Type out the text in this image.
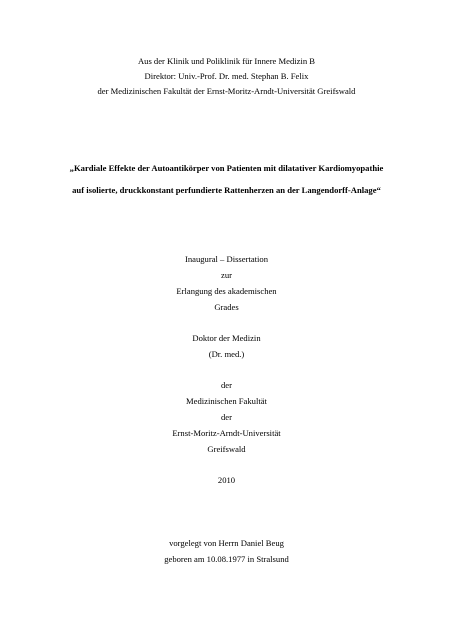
Aus der Klinik und Poliklinik für Innere Medizin B
Direktor: Univ.-Prof. Dr. med. Stephan B. Felix
der Medizinischen Fakultät der Ernst-Moritz-Arndt-Universität Greifswald
„Kardiale Effekte der Autoantikörper von Patienten mit dilatativer Kardiomyopathie
auf isolierte, druckkonstant perfundierte Rattenherzen an der Langendorff-Anlage“
Inaugural – Dissertation
zur
Erlangung des akademischen
Grades
Doktor der Medizin
(Dr. med.)
der
Medizinischen Fakultät
der
Ernst-Moritz-Arndt-Universität
Greifswald
2010
vorgelegt von Herrn Daniel Beug
geboren am 10.08.1977 in Stralsund
